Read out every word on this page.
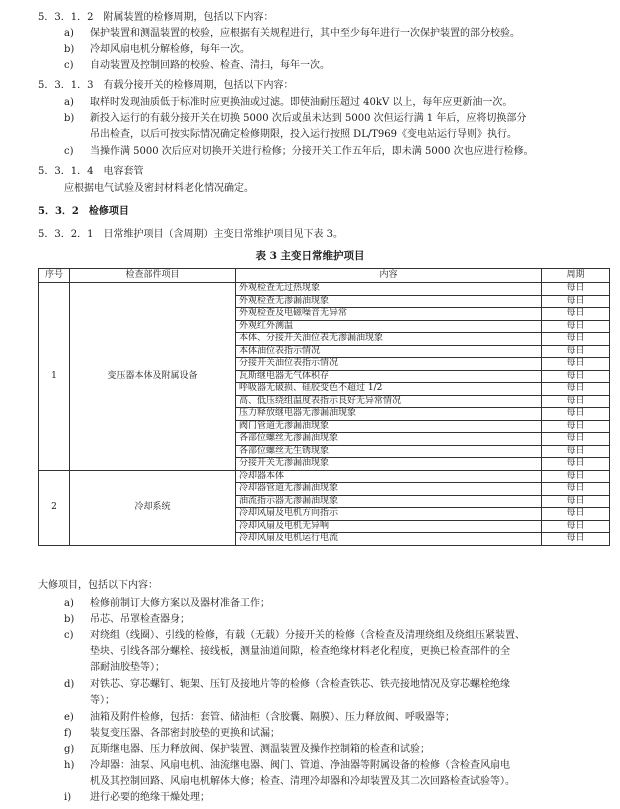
5．3．1．2　附属装置的检修周期，包括以下内容：
a) 保护装置和测温装置的校验，应根据有关规程进行，其中至少每年进行一次保护装置的部分校验。
b) 冷却风扇电机分解检修，每年一次。
c) 自动装置及控制回路的校验、检查、清扫，每年一次。
5．3．1．3　有载分接开关的检修周期，包括以下内容：
a) 取样时发现油质低于标准时应更换油或过滤。即使油耐压超过 40kV 以上，每年应更新油一次。
b) 新投入运行的有载分接开关在切换 5000 次后或虽未达到 5000 次但运行满 1 年后，应将切换部分
吊出检查，以后可按实际情况确定检修期限，投入运行按照 DL/T969《变电站运行导则》执行。
c) 当操作满 5000 次后应对切换开关进行检修；分接开关工作五年后，即未满 5000 次也应进行检修。
5．3．1．4　电容套管
应根据电气试验及密封材料老化情况确定。
5．3．2　检修项目
5．3．2．1　日常维护项目（含周期）主变日常维护项目见下表 3。
表 3 主变日常维护项目
序号	检查部件项目	内容	周期
1	变压器本体及附属设备	外观检查无过热现象	每日
		外观检查无渗漏油现象	每日
		外观检查及电磁噪音无异常	每日
		外观红外测温	每日
		本体、分接开关油位表无渗漏油现象	每日
		本体油位表指示情况	每日
		分接开关油位表指示情况	每日
		瓦斯继电器无气体积存	每日
		呼吸器无破损、硅胶变色不超过 1/2	每日
		高、低压绕组温度表指示良好无异常情况	每日
		压力释放继电器无渗漏油现象	每日
		阀门管道无渗漏油现象	每日
		各部位螺丝无渗漏油现象	每日
		各部位螺丝无生锈现象	每日
		分接开关无渗漏油现象	每日
2	冷却系统	冷却器本体	每日
		冷却器管道无渗漏油现象	每日
		油流指示器无渗漏油现象	每日
		冷却风扇及电机方向指示	每日
		冷却风扇及电机无异响	每日
		冷却风扇及电机运行电流	每日
大修项目，包括以下内容：
a) 检修前制订大修方案以及器材准备工作；
b) 吊芯、吊罩检查器身；
c) 对绕组（线圈）、引线的检修，有载（无载）分接开关的检修（含检查及清理绕组及绕组压紧装置、
垫块、引线各部分螺栓、接线板，测量油道间隙，检查绝缘材料老化程度，更换已检查部件的全
部耐油胶垫等）；
d) 对铁芯、穿芯螺钉、轭架、压钉及接地片等的检修（含检查铁芯、铁壳接地情况及穿芯螺栓绝缘
等）；
e) 油箱及附件检修，包括：套管、储油柜（含胶囊、隔膜）、压力释放阀、呼吸器等；
f) 装复变压器、各部密封胶垫的更换和试漏；
g) 瓦斯继电器、压力释放阀、保护装置、测温装置及操作控制箱的检查和试验；
h) 冷却器：油泵、风扇电机、油流继电器、阀门、管道、净油器等附属设备的检修（含检查风扇电
机及其控制回路、风扇电机解体大修；检查、清理冷却器和冷却装置及其二次回路检查试验等）。
i) 进行必要的绝缘干燥处理；
